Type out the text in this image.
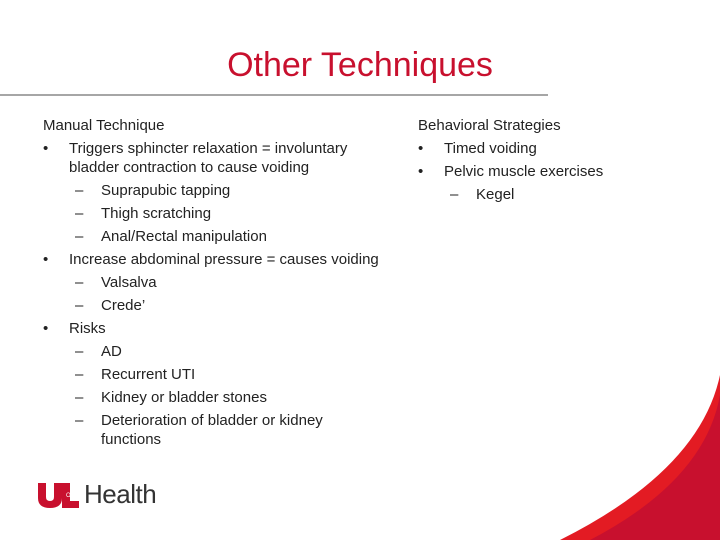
Other Techniques
Manual Technique
• Triggers sphincter relaxation = involuntary bladder contraction to cause voiding
– Suprapubic tapping
– Thigh scratching
– Anal/Rectal manipulation
• Increase abdominal pressure = causes voiding
– Valsalva
– Crede’
• Risks
– AD
– Recurrent UTI
– Kidney or bladder stones
– Deterioration of bladder or kidney functions
Behavioral Strategies
• Timed voiding
• Pelvic muscle exercises
– Kegel
OF Health
